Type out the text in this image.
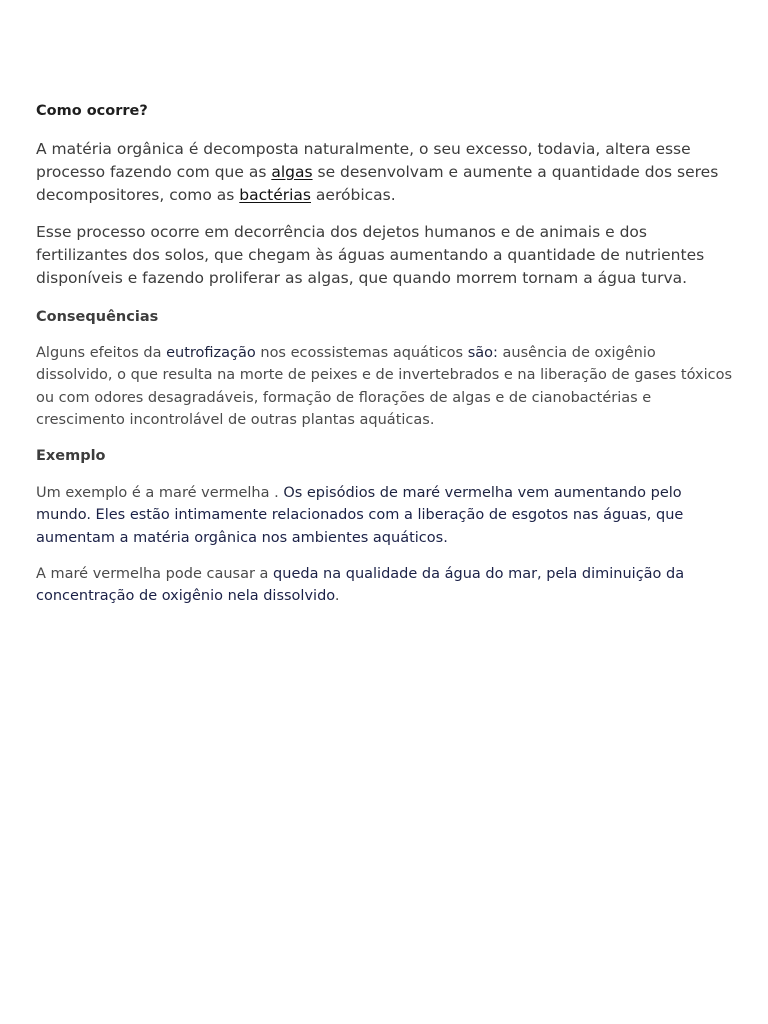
Como ocorre?

A matéria orgânica é decomposta naturalmente, o seu excesso, todavia, altera esse processo fazendo com que as algas se desenvolvam e aumente a quantidade dos seres decompositores, como as bactérias aeróbicas.

Esse processo ocorre em decorrência dos dejetos humanos e de animais e dos fertilizantes dos solos, que chegam às águas aumentando a quantidade de nutrientes disponíveis e fazendo proliferar as algas, que quando morrem tornam a água turva.

Consequências

Alguns efeitos da eutrofização nos ecossistemas aquáticos são: ausência de oxigênio dissolvido, o que resulta na morte de peixes e de invertebrados e na liberação de gases tóxicos ou com odores desagradáveis, formação de florações de algas e de cianobactérias e crescimento incontrolável de outras plantas aquáticas.

Exemplo

Um exemplo é a maré vermelha . Os episódios de maré vermelha vem aumentando pelo mundo. Eles estão intimamente relacionados com a liberação de esgotos nas águas, que aumentam a matéria orgânica nos ambientes aquáticos.

A maré vermelha pode causar a queda na qualidade da água do mar, pela diminuição da concentração de oxigênio nela dissolvido.
